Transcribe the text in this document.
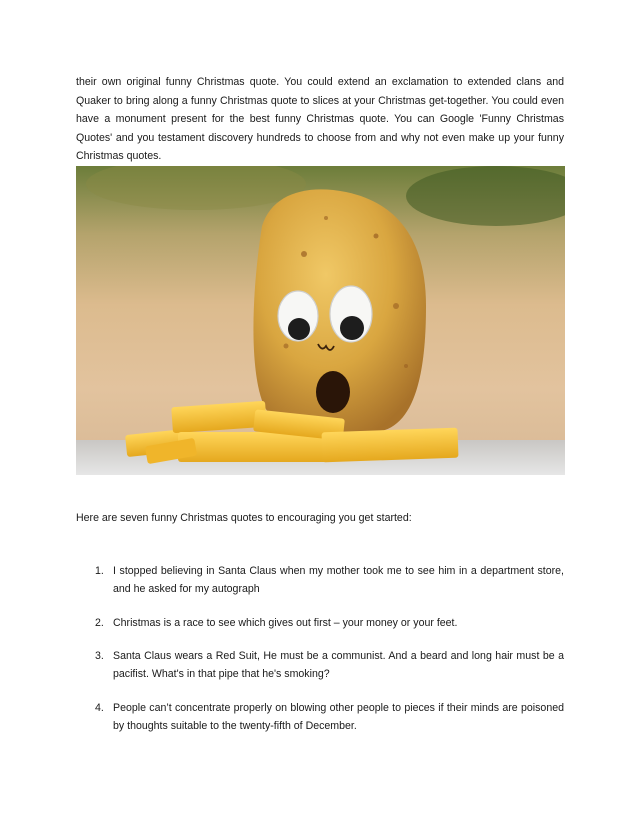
their own original funny Christmas quote. You could extend an exclamation to extended clans and Quaker to bring along a funny Christmas quote to slices at your Christmas get-together. You could even have a monument present for the best funny Christmas quote. You can Google 'Funny Christmas Quotes' and you testament discovery hundreds to choose from and why not even make up your funny Christmas quotes.

Here are seven funny Christmas quotes to encouraging you get started:

1. I stopped believing in Santa Claus when my mother took me to see him in a department store, and he asked for my autograph
2. Christmas is a race to see which gives out first – your money or your feet.
3. Santa Claus wears a Red Suit, He must be a communist. And a beard and long hair must be a pacifist. What's in that pipe that he's smoking?
4. People can’t concentrate properly on blowing other people to pieces if their minds are poisoned by thoughts suitable to the twenty-fifth of December.
